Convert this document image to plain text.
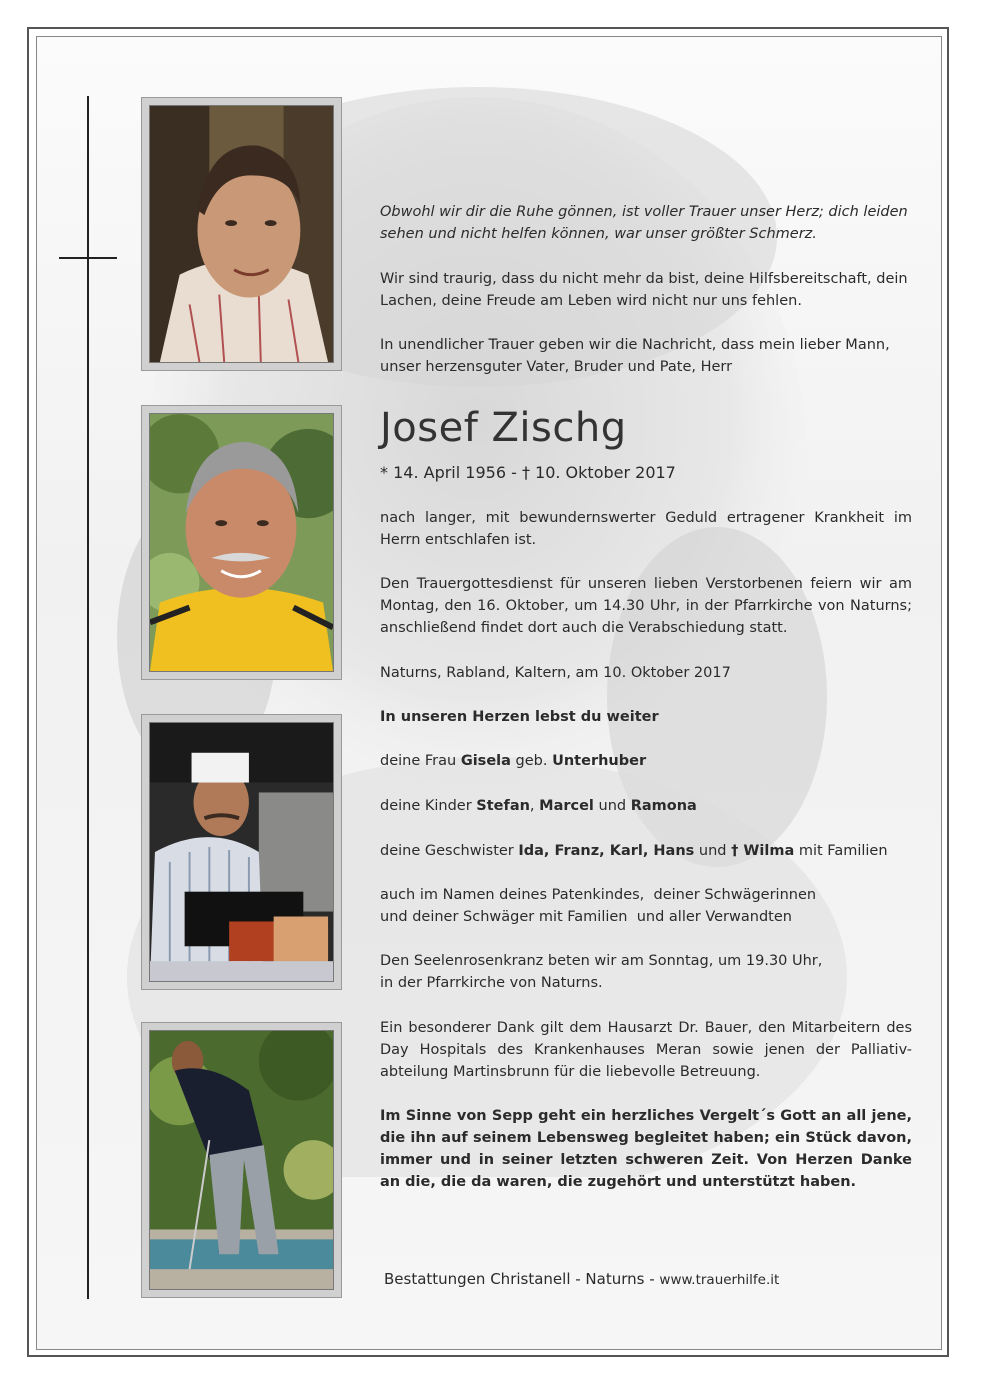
Obwohl wir dir die Ruhe gönnen, ist voller Trauer unser Herz; dich leiden
sehen und nicht helfen können, war unser größter Schmerz.
Wir sind traurig, dass du nicht mehr da bist, deine Hilfsbereitschaft, dein
Lachen, deine Freude am Leben wird nicht nur uns fehlen.
In unendlicher Trauer geben wir die Nachricht, dass mein lieber Mann,
unser herzensguter Vater, Bruder und Pate, Herr
Josef Zischg
* 14. April 1956 - † 10. Oktober 2017
nach langer, mit bewundernswerter Geduld ertragener Krankheit im Herrn entschlafen ist.
Den Trauergottesdienst für unseren lieben Verstorbenen feiern wir am Montag, den 16. Oktober, um 14.30 Uhr, in der Pfarrkirche von Naturns; anschließend findet dort auch die Verabschiedung statt.
Naturns, Rabland, Kaltern, am 10. Oktober 2017
In unseren Herzen lebst du weiter
deine Frau Gisela geb. Unterhuber
deine Kinder Stefan, Marcel und Ramona
deine Geschwister Ida, Franz, Karl, Hans und † Wilma mit Familien
auch im Namen deines Patenkindes,  deiner Schwägerinnen
und deiner Schwäger mit Familien  und aller Verwandten
Den Seelenrosenkranz beten wir am Sonntag, um 19.30 Uhr,
in der Pfarrkirche von Naturns.
Ein besonderer Dank gilt dem Hausarzt Dr. Bauer, den Mitarbeitern des Day Hospitals des Krankenhauses Meran sowie jenen der Palliativ-abteilung Martinsbrunn für die liebevolle Betreuung.
Im Sinne von Sepp geht ein herzliches Vergelt´s Gott an all jene, die ihn auf seinem Lebensweg begleitet haben; ein Stück davon, immer und in seiner letzten schweren Zeit. Von Herzen Danke an die, die da waren, die zugehört und unterstützt haben.
Bestattungen Christanell - Naturns - www.trauerhilfe.it
